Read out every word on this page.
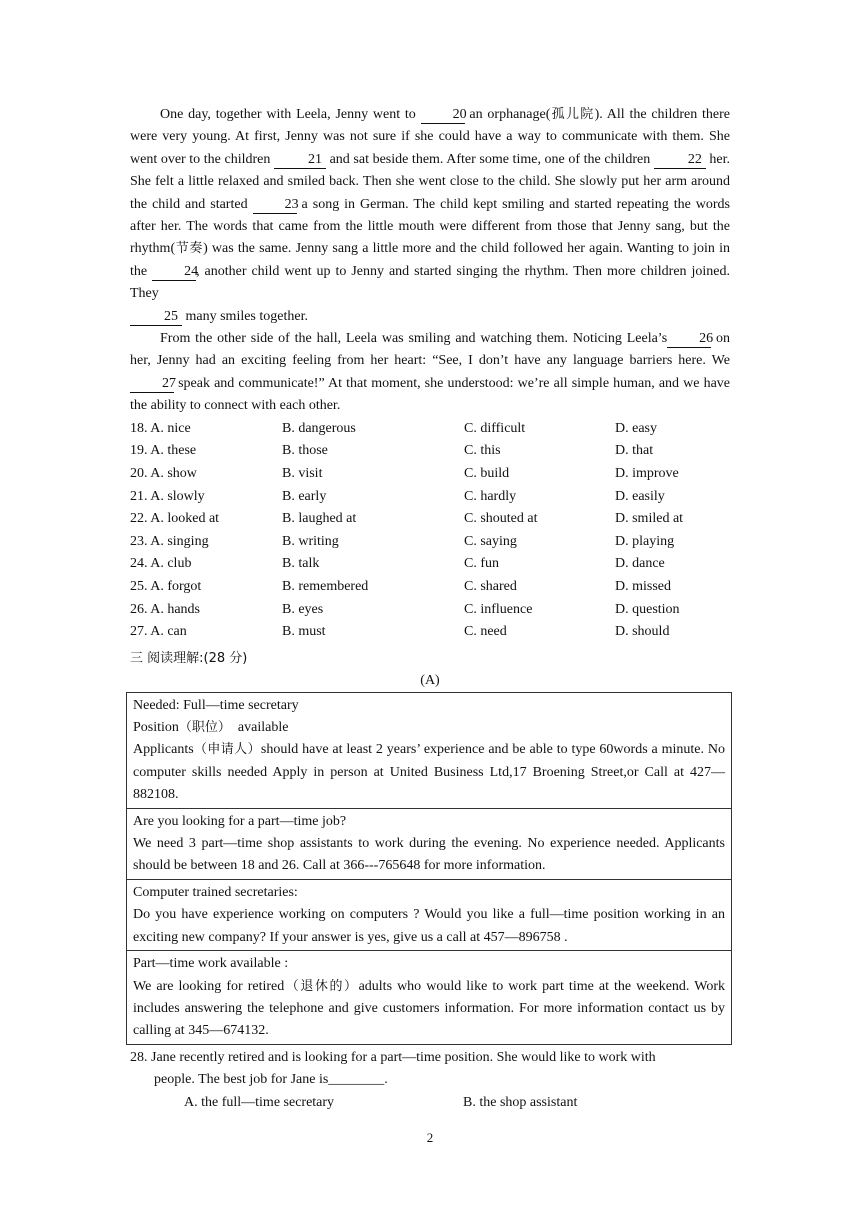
One day, together with Leela, Jenny went to	20 an orphanage(孤儿院). All the children there were very young. At first, Jenny was not sure if she could have a way to communicate with them. She went over to the children	21 and sat beside them. After some time, one of the children	22 her. She felt a little relaxed and smiled back. Then she went close to the child. She slowly put her arm around the child and started	23 a song in German. The child kept smiling and started repeating the words after her. The words that came from the little mouth were different from those that Jenny sang, but the rhythm(节奏) was the same. Jenny sang a little more and the child followed her again. Wanting to join in the	24, another child went up to Jenny and started singing the rhythm. Then more children joined. They
25 many smiles together.

From the other side of the hall, Leela was smiling and watching them. Noticing Leela’s 26 on her, Jenny had an exciting feeling from her heart: “See, I don’t have any language barriers here. We 27 speak and communicate!” At that moment, she understood: we’re all simple human, and we have the ability to connect with each other.

18. A. nice	B. dangerous	C. difficult	D. easy
19. A. these	B. those	C. this	D. that
20. A. show	B. visit	C. build	D. improve
21. A. slowly	B. early	C. hardly	D. easily
22. A. looked at	B. laughed at	C. shouted at	D. smiled at
23. A. singing	B. writing	C. saying	D. playing
24. A. club	B. talk	C. fun	D. dance
25. A. forgot	B. remembered	C. shared	D. missed
26. A. hands	B. eyes	C. influence	D. question
27. A. can	B. must	C. need	D. should
三 阅读理解:(28 分)
(A)

Needed: Full—time secretary

Position（职位） available

Applicants（申请人）should have at least 2 years’ experience and be able to type 60words a minute. No computer skills needed Apply in person at United Business Ltd,17 Broening Street,or Call at 427—882108.

Are you looking for a part—time job?

We need 3 part—time shop assistants to work during the evening. No experience needed. Applicants should be between 18 and 26. Call at 366---765648 for more information.

Computer trained secretaries:

Do you have experience working on computers ? Would you like a full—time position working in an exciting new company? If your answer is yes, give us a call at 457—896758 .

Part—time work available :

We are looking for retired（退休的）adults who would like to work part time at the weekend. Work includes answering the telephone and give customers information. For more information contact us by calling at 345—674132.

28. Jane recently retired and is looking for a part—time position. She would like to work with
people. The best job for Jane is________.
A. the full—time secretary	B. the shop assistant
2
